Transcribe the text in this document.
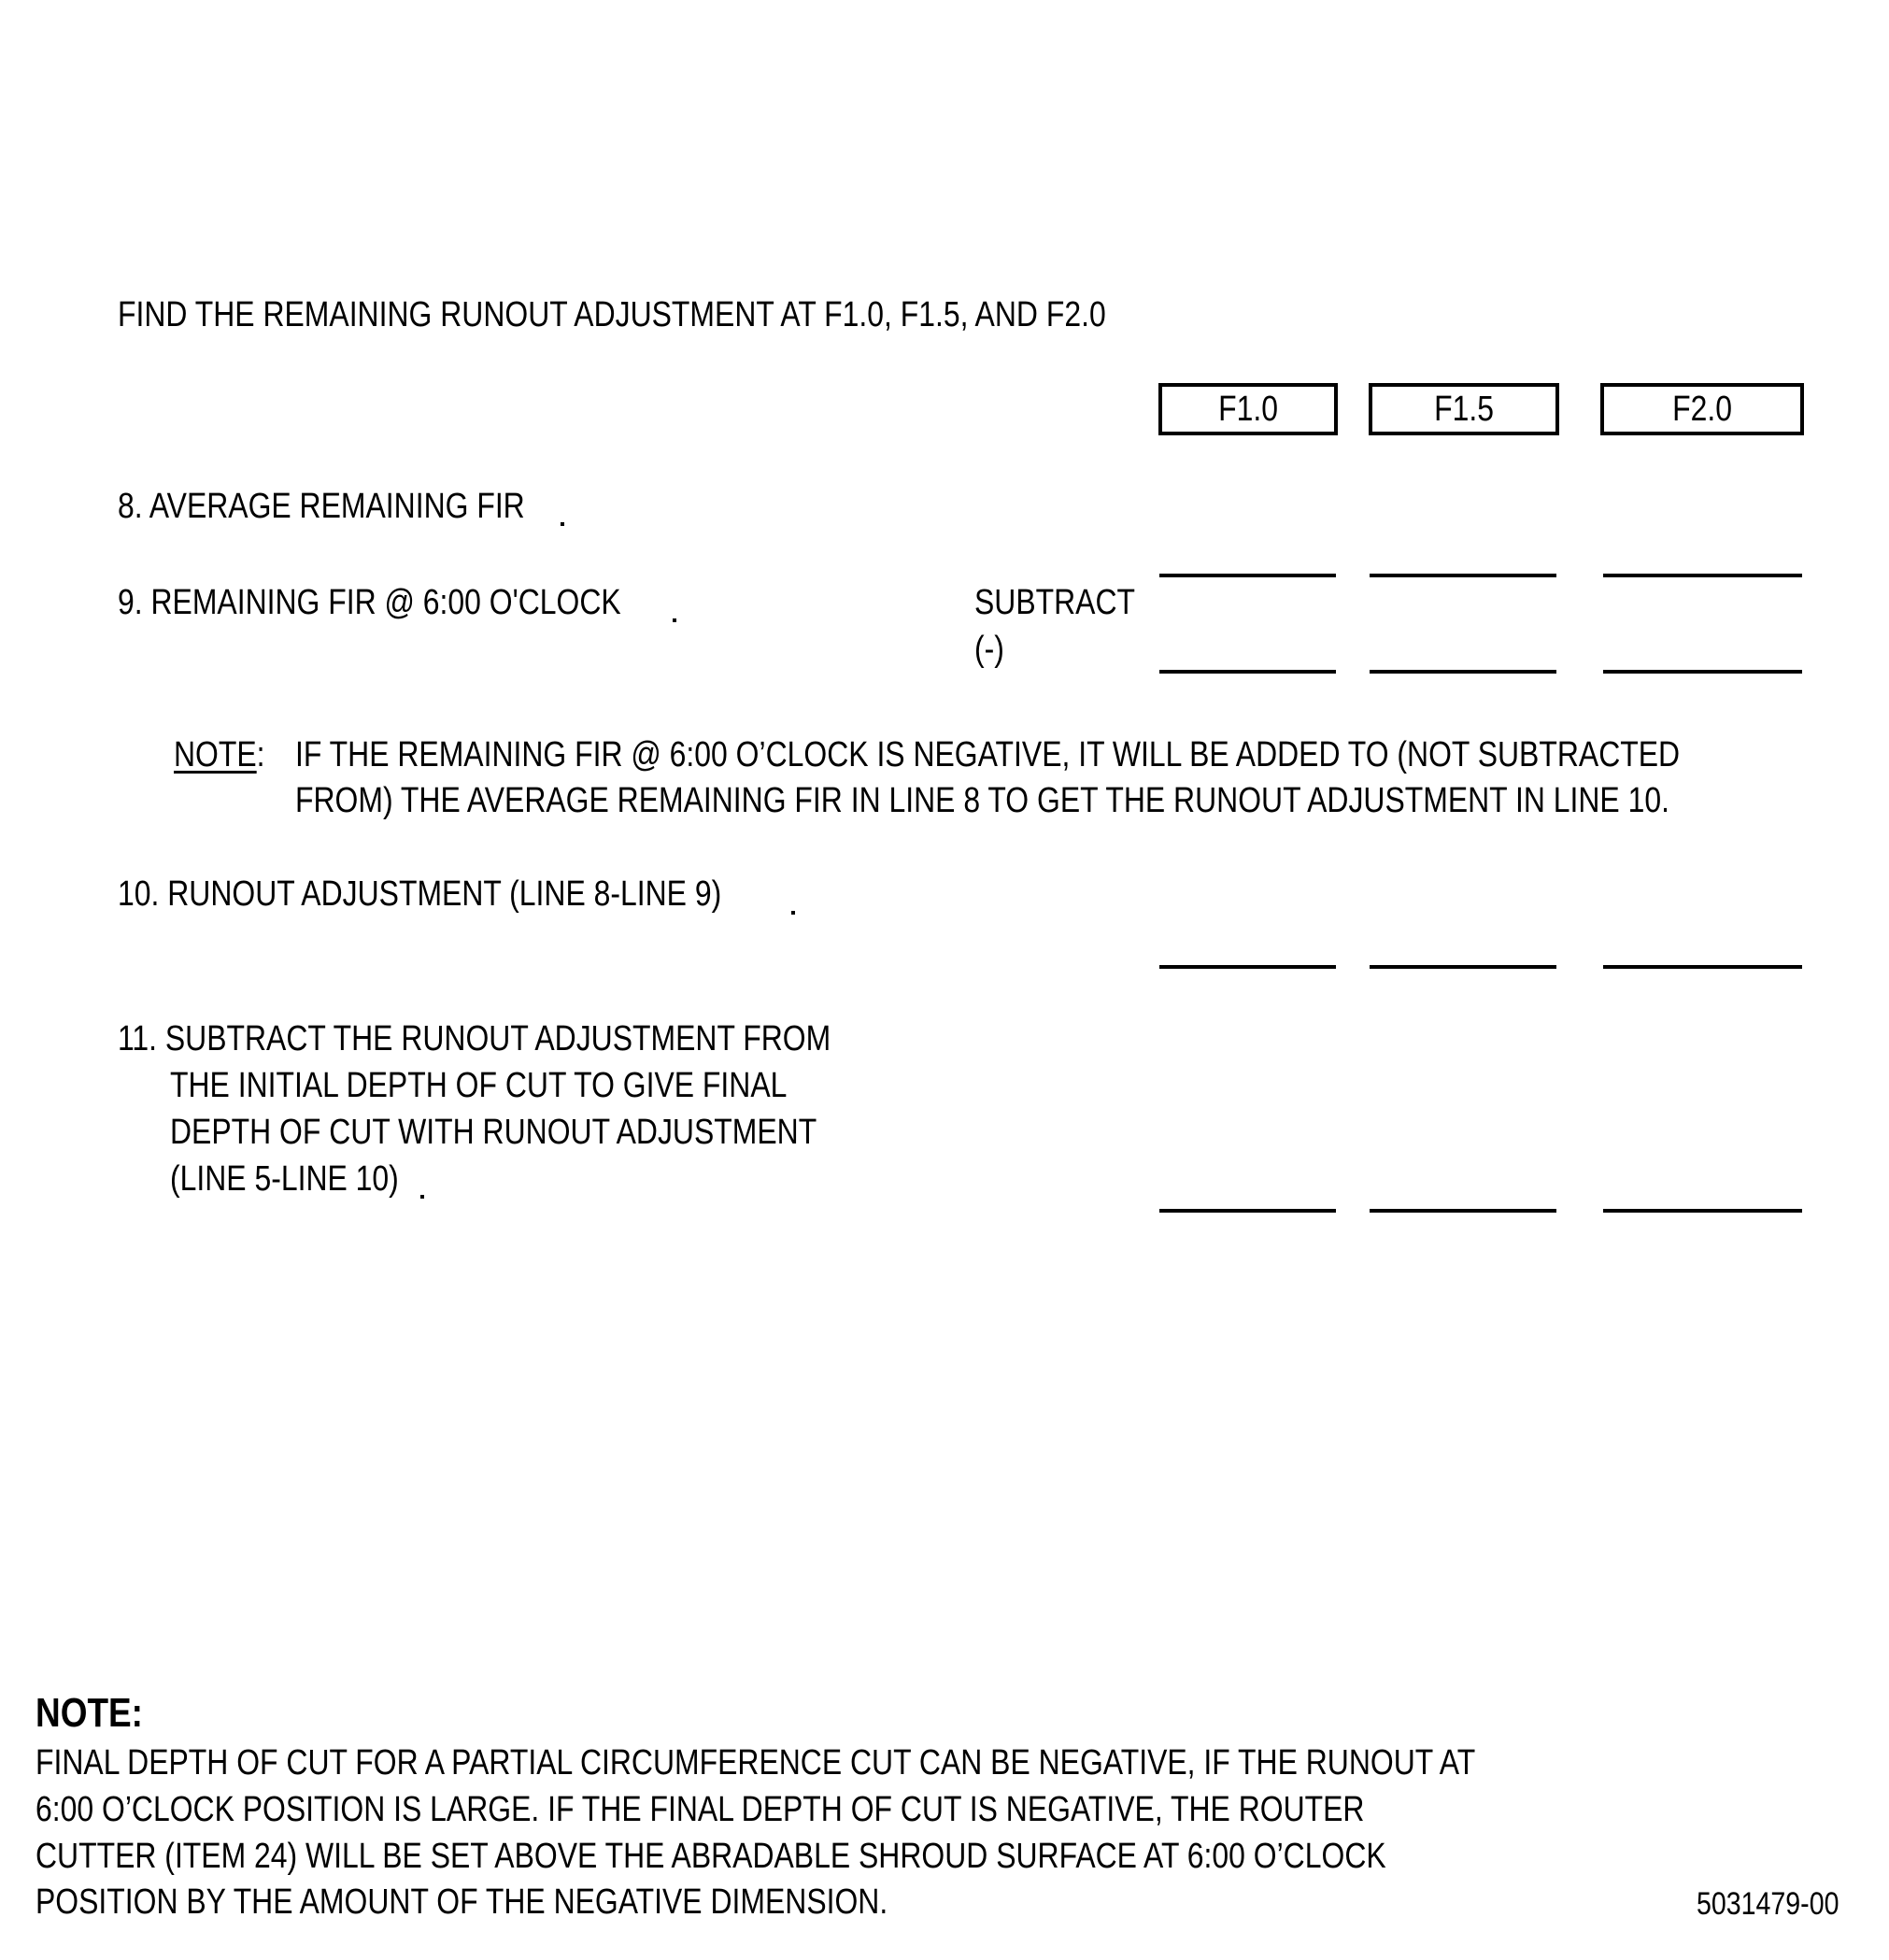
FIND THE REMAINING RUNOUT ADJUSTMENT AT F1.0, F1.5, AND F2.0
F1.0	F1.5	F2.0
8. AVERAGE REMAINING FIR
9. REMAINING FIR @ 6:00 O'CLOCK	SUBTRACT
(-)
NOTE: IF THE REMAINING FIR @ 6:00 O’CLOCK IS NEGATIVE, IT WILL BE ADDED TO (NOT SUBTRACTED
FROM) THE AVERAGE REMAINING FIR IN LINE 8 TO GET THE RUNOUT ADJUSTMENT IN LINE 10.
10. RUNOUT ADJUSTMENT (LINE 8-LINE 9)
11. SUBTRACT THE RUNOUT ADJUSTMENT FROM
THE INITIAL DEPTH OF CUT TO GIVE FINAL
DEPTH OF CUT WITH RUNOUT ADJUSTMENT
(LINE 5-LINE 10)
NOTE:
FINAL DEPTH OF CUT FOR A PARTIAL CIRCUMFERENCE CUT CAN BE NEGATIVE, IF THE RUNOUT AT
6:00 O’CLOCK POSITION IS LARGE. IF THE FINAL DEPTH OF CUT IS NEGATIVE, THE ROUTER
CUTTER (ITEM 24) WILL BE SET ABOVE THE ABRADABLE SHROUD SURFACE AT 6:00 O’CLOCK
POSITION BY THE AMOUNT OF THE NEGATIVE DIMENSION.	5031479-00
